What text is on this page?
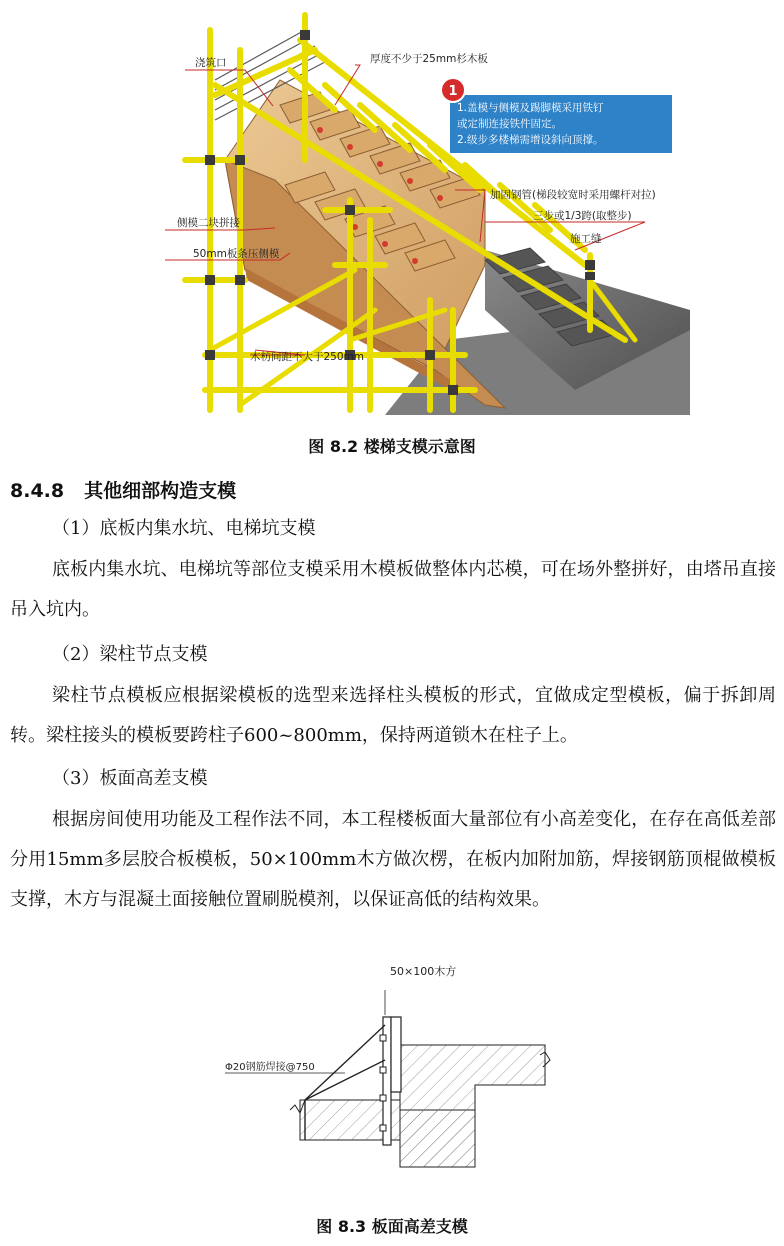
浇筑口	厚度不少于25mm杉木板
加固钢管(梯段较宽时采用螺杆对拉)
三步或1/3跨(取整步)
施工缝
侧模二块拼接
50mm板条压侧模
木枋间距不大于250mm
1
1.盖模与侧模及踢脚模采用铁钉
或定制连接铁件固定。
2.级步多楼梯需增设斜向顶撑。
图 8.2 楼梯支模示意图
8.4.8 其他细部构造支模
（1）底板内集水坑、电梯坑支模
底板内集水坑、电梯坑等部位支模采用木模板做整体内芯模，可在场外整拼好，由塔吊直接吊入坑内。
（2）梁柱节点支模
梁柱节点模板应根据梁模板的选型来选择柱头模板的形式，宜做成定型模板，偏于拆卸周转。梁柱接头的模板要跨柱子600~800mm，保持两道锁木在柱子上。
（3）板面高差支模
根据房间使用功能及工程作法不同，本工程楼板面大量部位有小高差变化，在存在高低差部分用15mm多层胶合板模板，50×100mm木方做次楞，在板内加附加筋，焊接钢筋顶棍做模板支撑，木方与混凝土面接触位置刷脱模剂，以保证高低的结构效果。
50×100木方
Φ20钢筋焊接@750
图 8.3 板面高差支模
